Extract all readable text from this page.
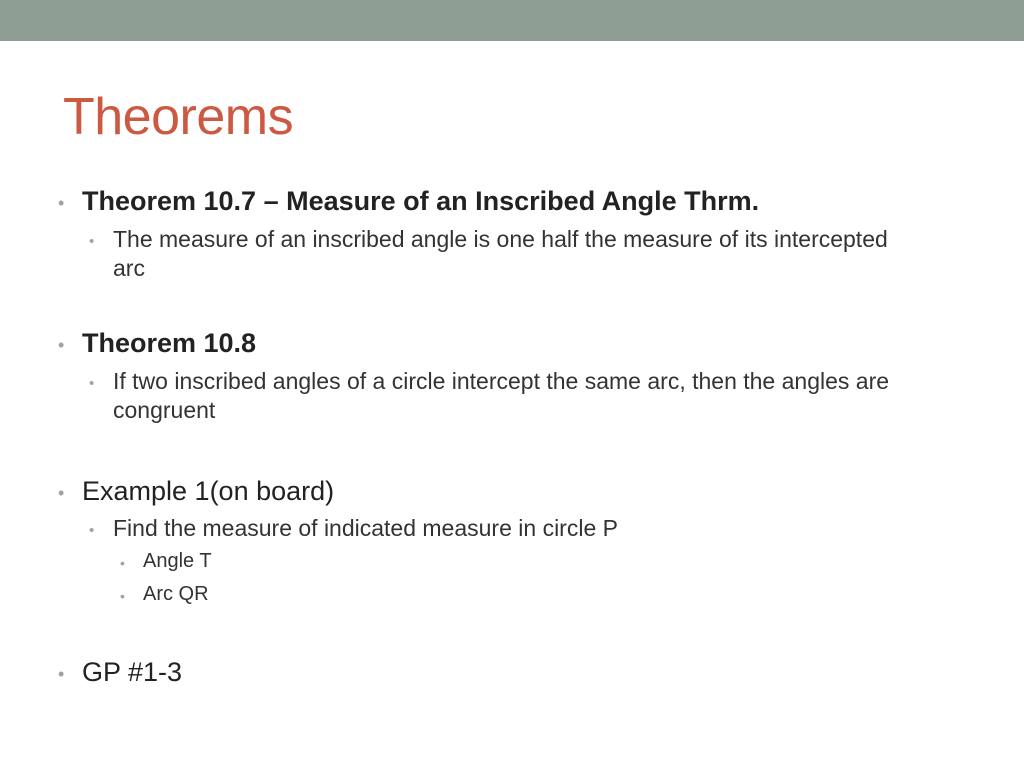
Theorems
• Theorem 10.7 – Measure of an Inscribed Angle Thrm.
• The measure of an inscribed angle is one half the measure of its intercepted arc
• Theorem 10.8
• If two inscribed angles of a circle intercept the same arc, then the angles are congruent
• Example 1(on board)
• Find the measure of indicated measure in circle P
• Angle T
• Arc QR
• GP #1-3
